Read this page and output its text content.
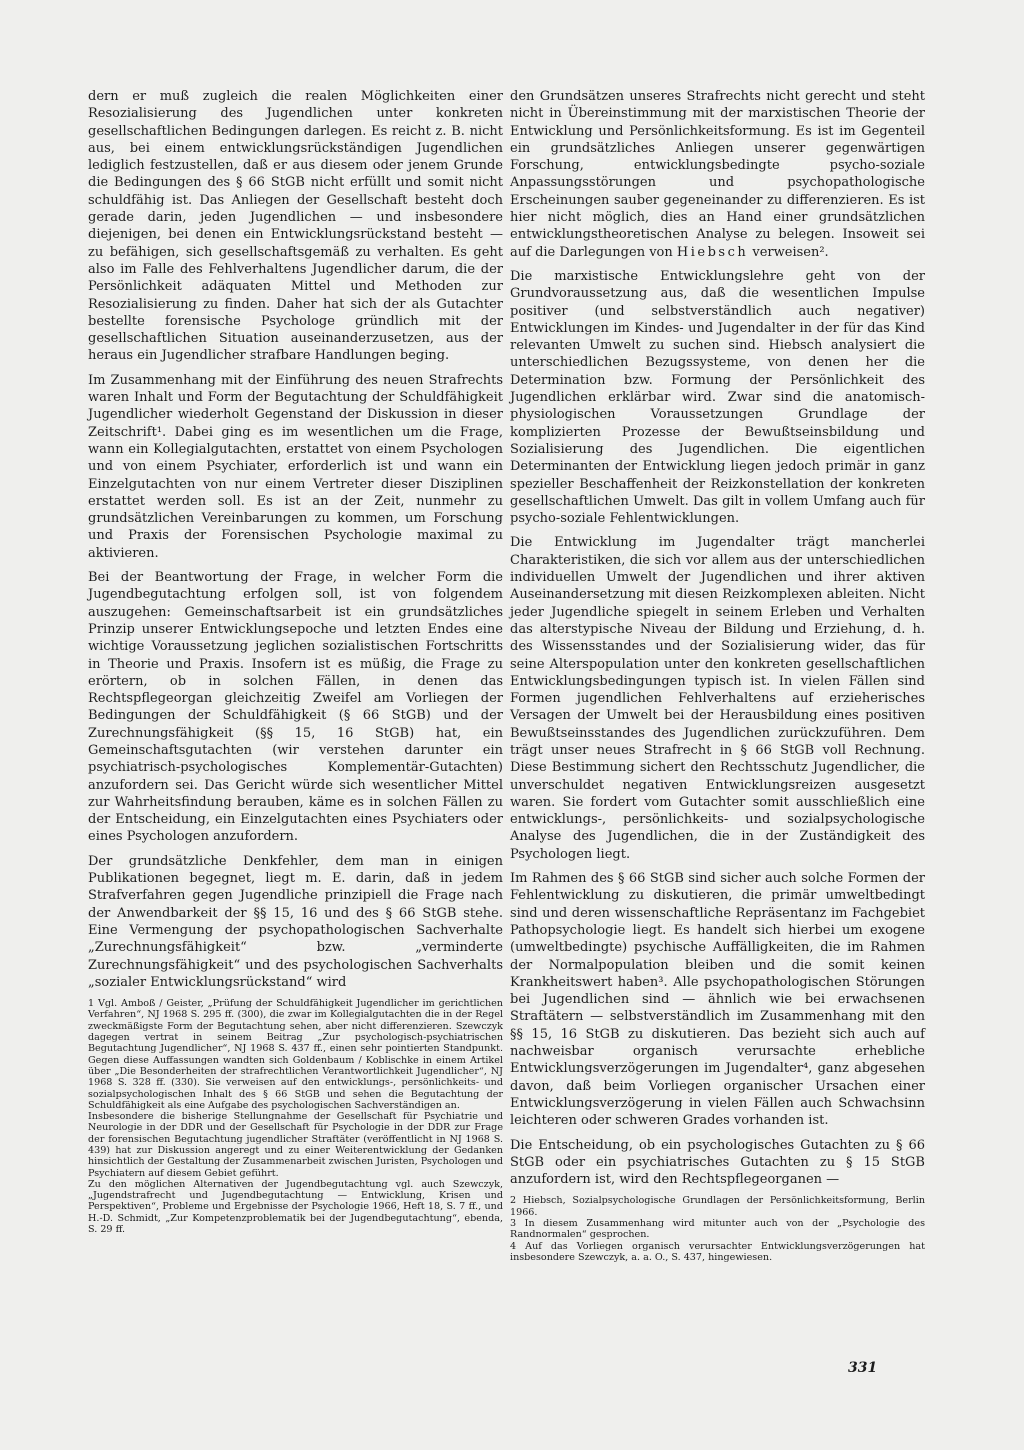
dern er muß zugleich die realen Möglichkeiten einer Resozialisierung des Jugendlichen unter konkreten gesellschaftlichen Bedingungen darlegen. Es reicht z. B. nicht aus, bei einem entwicklungsrückständigen Jugendlichen lediglich festzustellen, daß er aus diesem oder jenem Grunde die Bedingungen des § 66 StGB nicht erfüllt und somit nicht schuldfähig ist. Das Anliegen der Gesellschaft besteht doch gerade darin, jeden Jugendlichen — und insbesondere diejenigen, bei denen ein Entwicklungsrückstand besteht — zu befähigen, sich gesellschaftsgemäß zu verhalten. Es geht also im Falle des Fehlverhaltens Jugendlicher darum, die der Persönlichkeit adäquaten Mittel und Methoden zur Resozialisierung zu finden. Daher hat sich der als Gutachter bestellte forensische Psychologe gründlich mit der gesellschaftlichen Situation auseinanderzusetzen, aus der heraus ein Jugendlicher strafbare Handlungen beging.

Im Zusammenhang mit der Einführung des neuen Strafrechts waren Inhalt und Form der Begutachtung der Schuldfähigkeit Jugendlicher wiederholt Gegenstand der Diskussion in dieser Zeitschrift¹. Dabei ging es im wesentlichen um die Frage, wann ein Kollegialgutachten, erstattet von einem Psychologen und von einem Psychiater, erforderlich ist und wann ein Einzelgutachten von nur einem Vertreter dieser Disziplinen erstattet werden soll. Es ist an der Zeit, nunmehr zu grundsätzlichen Vereinbarungen zu kommen, um Forschung und Praxis der Forensischen Psychologie maximal zu aktivieren.

Bei der Beantwortung der Frage, in welcher Form die Jugendbegutachtung erfolgen soll, ist von folgendem auszugehen: Gemeinschaftsarbeit ist ein grundsätzliches Prinzip unserer Entwicklungsepoche und letzten Endes eine wichtige Voraussetzung jeglichen sozialistischen Fortschritts in Theorie und Praxis. Insofern ist es müßig, die Frage zu erörtern, ob in solchen Fällen, in denen das Rechtspflegeorgan gleichzeitig Zweifel am Vorliegen der Bedingungen der Schuldfähigkeit (§ 66 StGB) und der Zurechnungsfähigkeit (§§ 15, 16 StGB) hat, ein Gemeinschaftsgutachten (wir verstehen darunter ein psychiatrisch-psychologisches Komplementär-Gutachten) anzufordern sei. Das Gericht würde sich wesentlicher Mittel zur Wahrheitsfindung berauben, käme es in solchen Fällen zu der Entscheidung, ein Einzelgutachten eines Psychiaters oder eines Psychologen anzufordern.

Der grundsätzliche Denkfehler, dem man in einigen Publikationen begegnet, liegt m. E. darin, daß in jedem Strafverfahren gegen Jugendliche prinzipiell die Frage nach der Anwendbarkeit der §§ 15, 16 und des § 66 StGB stehe. Eine Vermengung der psychopathologischen Sachverhalte „Zurechnungsfähigkeit“ bzw. „verminderte Zurechnungsfähigkeit“ und des psychologischen Sachverhalts „sozialer Entwicklungsrückstand“ wird

1 Vgl. Amboß / Geister, „Prüfung der Schuldfähigkeit Jugendlicher im gerichtlichen Verfahren“, NJ 1968 S. 295 ff. (300), die zwar im Kollegialgutachten die in der Regel zweckmäßigste Form der Begutachtung sehen, aber nicht differenzieren. Szewczyk dagegen vertrat in seinem Beitrag „Zur psychologisch-psychiatrischen Begutachtung Jugendlicher“, NJ 1968 S. 437 ff., einen sehr pointierten Standpunkt. Gegen diese Auffassungen wandten sich Goldenbaum / Koblischke in einem Artikel über „Die Besonderheiten der strafrechtlichen Verantwortlichkeit Jugendlicher“, NJ 1968 S. 328 ff. (330). Sie verweisen auf den entwicklungs-, persönlichkeits- und sozialpsychologischen Inhalt des § 66 StGB und sehen die Begutachtung der Schuldfähigkeit als eine Aufgabe des psychologischen Sachverständigen an.

Insbesondere die bisherige Stellungnahme der Gesellschaft für Psychiatrie und Neurologie in der DDR und der Gesellschaft für Psychologie in der DDR zur Frage der forensischen Begutachtung jugendlicher Straftäter (veröffentlicht in NJ 1968 S. 439) hat zur Diskussion angeregt und zu einer Weiterentwicklung der Gedanken hinsichtlich der Gestaltung der Zusammenarbeit zwischen Juristen, Psychologen und Psychiatern auf diesem Gebiet geführt.

Zu den möglichen Alternativen der Jugendbegutachtung vgl. auch Szewczyk, „Jugendstrafrecht und Jugendbegutachtung — Entwicklung, Krisen und Perspektiven“, Probleme und Ergebnisse der Psychologie 1966, Heft 18, S. 7 ff., und H.-D. Schmidt, „Zur Kompetenzproblematik bei der Jugendbegutachtung“, ebenda, S. 29 ff.

den Grundsätzen unseres Strafrechts nicht gerecht und steht nicht in Übereinstimmung mit der marxistischen Theorie der Entwicklung und Persönlichkeitsformung. Es ist im Gegenteil ein grundsätzliches Anliegen unserer gegenwärtigen Forschung, entwicklungsbedingte psycho-soziale Anpassungsstörungen und psychopathologische Erscheinungen sauber gegeneinander zu differenzieren. Es ist hier nicht möglich, dies an Hand einer grundsätzlichen entwicklungstheoretischen Analyse zu belegen. Insoweit sei auf die Darlegungen von Hiebsch verweisen².

Die marxistische Entwicklungslehre geht von der Grundvoraussetzung aus, daß die wesentlichen Impulse positiver (und selbstverständlich auch negativer) Entwicklungen im Kindes- und Jugendalter in der für das Kind relevanten Umwelt zu suchen sind. Hiebsch analysiert die unterschiedlichen Bezugssysteme, von denen her die Determination bzw. Formung der Persönlichkeit des Jugendlichen erklärbar wird. Zwar sind die anatomisch-physiologischen Voraussetzungen Grundlage der komplizierten Prozesse der Bewußtseinsbildung und Sozialisierung des Jugendlichen. Die eigentlichen Determinanten der Entwicklung liegen jedoch primär in ganz spezieller Beschaffenheit der Reizkonstellation der konkreten gesellschaftlichen Umwelt. Das gilt in vollem Umfang auch für psycho-soziale Fehlentwicklungen.

Die Entwicklung im Jugendalter trägt mancherlei Charakteristiken, die sich vor allem aus der unterschiedlichen individuellen Umwelt der Jugendlichen und ihrer aktiven Auseinandersetzung mit diesen Reizkomplexen ableiten. Nicht jeder Jugendliche spiegelt in seinem Erleben und Verhalten das alterstypische Niveau der Bildung und Erziehung, d. h. des Wissensstandes und der Sozialisierung wider, das für seine Alterspopulation unter den konkreten gesellschaftlichen Entwicklungsbedingungen typisch ist. In vielen Fällen sind Formen jugendlichen Fehlverhaltens auf erzieherisches Versagen der Umwelt bei der Herausbildung eines positiven Bewußtseinsstandes des Jugendlichen zurückzuführen. Dem trägt unser neues Strafrecht in § 66 StGB voll Rechnung. Diese Bestimmung sichert den Rechtsschutz Jugendlicher, die unverschuldet negativen Entwicklungsreizen ausgesetzt waren. Sie fordert vom Gutachter somit ausschließlich eine entwicklungs-, persönlichkeits- und sozialpsychologische Analyse des Jugendlichen, die in der Zuständigkeit des Psychologen liegt.

Im Rahmen des § 66 StGB sind sicher auch solche Formen der Fehlentwicklung zu diskutieren, die primär umweltbedingt sind und deren wissenschaftliche Repräsentanz im Fachgebiet Pathopsychologie liegt. Es handelt sich hierbei um exogene (umweltbedingte) psychische Auffälligkeiten, die im Rahmen der Normalpopulation bleiben und die somit keinen Krankheitswert haben³. Alle psychopathologischen Störungen bei Jugendlichen sind — ähnlich wie bei erwachsenen Straftätern — selbstverständlich im Zusammenhang mit den §§ 15, 16 StGB zu diskutieren. Das bezieht sich auch auf nachweisbar organisch verursachte erhebliche Entwicklungsverzögerungen im Jugendalter⁴, ganz abgesehen davon, daß beim Vorliegen organischer Ursachen einer Entwicklungsverzögerung in vielen Fällen auch Schwachsinn leichteren oder schweren Grades vorhanden ist.

Die Entscheidung, ob ein psychologisches Gutachten zu § 66 StGB oder ein psychiatrisches Gutachten zu § 15 StGB anzufordern ist, wird den Rechtspflegeorganen —

2 Hiebsch, Sozialpsychologische Grundlagen der Persönlichkeitsformung, Berlin 1966.

3 In diesem Zusammenhang wird mitunter auch von der „Psychologie des Randnormalen“ gesprochen.

4 Auf das Vorliegen organisch verursachter Entwicklungsverzögerungen hat insbesondere Szewczyk, a. a. O., S. 437, hingewiesen.

331
